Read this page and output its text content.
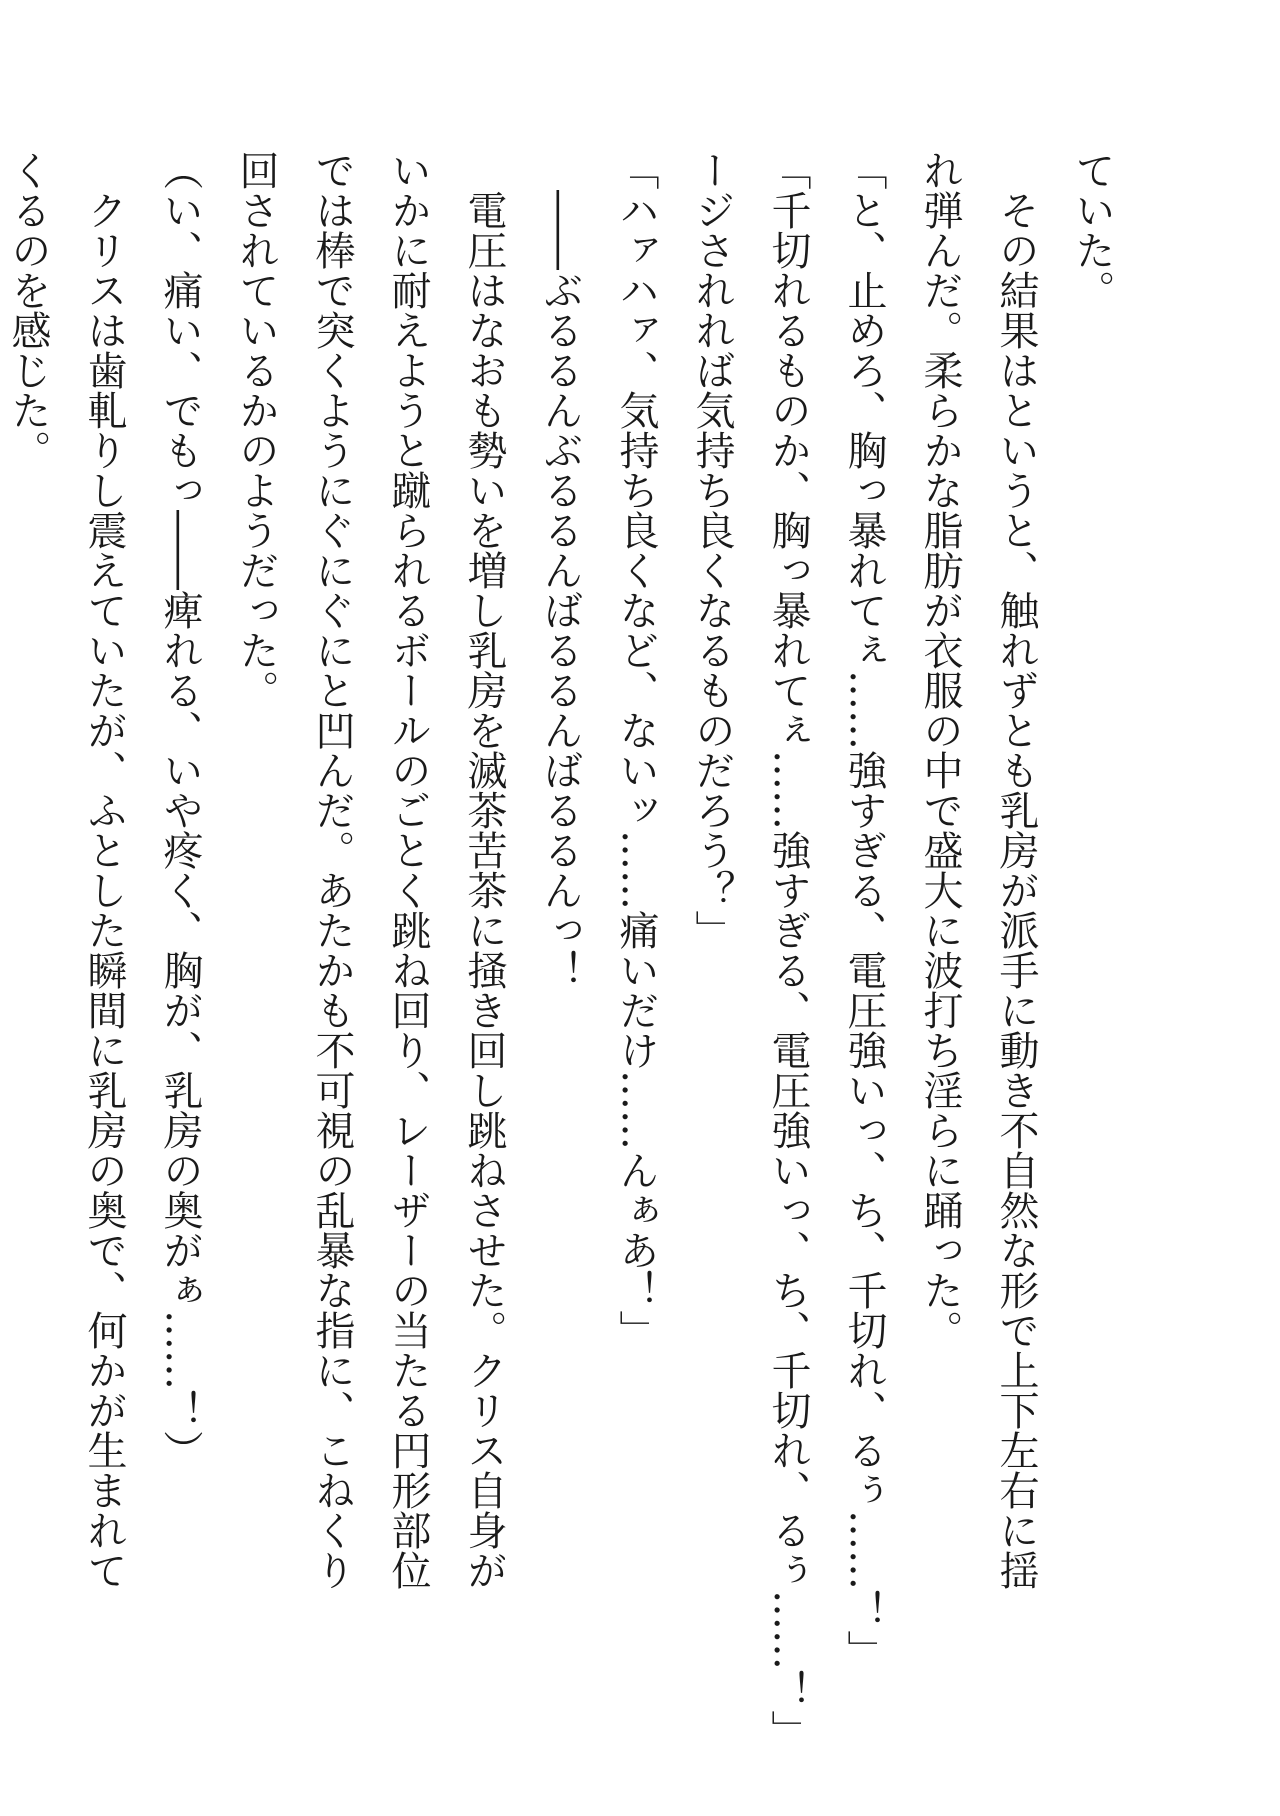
ていた。
　その結果はというと、触れずとも乳房が派手に動き不自然な形で上下左右に揺
れ弾んだ。柔らかな脂肪が衣服の中で盛大に波打ち淫らに踊った。
「と、止めろ、胸っ暴れてぇ……強すぎる、電圧強いっ、ち、千切れ、るぅ……！」
「千切れるものか、胸っ暴れてぇ……強すぎる、電圧強いっ、ち、千切れ、るぅ……！」
ージされれば気持ち良くなるものだろう？」
「ハァハァ、気持ち良くなど、ないッ……痛いだけ……んぁあ！」
　――ぶるるんぶるるんばるるんばるるんっ！
　電圧はなおも勢いを増し乳房を滅茶苦茶に掻き回し跳ねさせた。クリス自身が
いかに耐えようと蹴られるボールのごとく跳ね回り、レーザーの当たる円形部位
では棒で突くようにぐにぐにと凹んだ。あたかも不可視の乱暴な指に、こねくり
回されているかのようだった。
（い、痛い、でもっ――痺れる、いや疼く、胸が、乳房の奥がぁ……！）
　クリスは歯軋りし震えていたが、ふとした瞬間に乳房の奥で、何かが生まれて
くるのを感じた。
